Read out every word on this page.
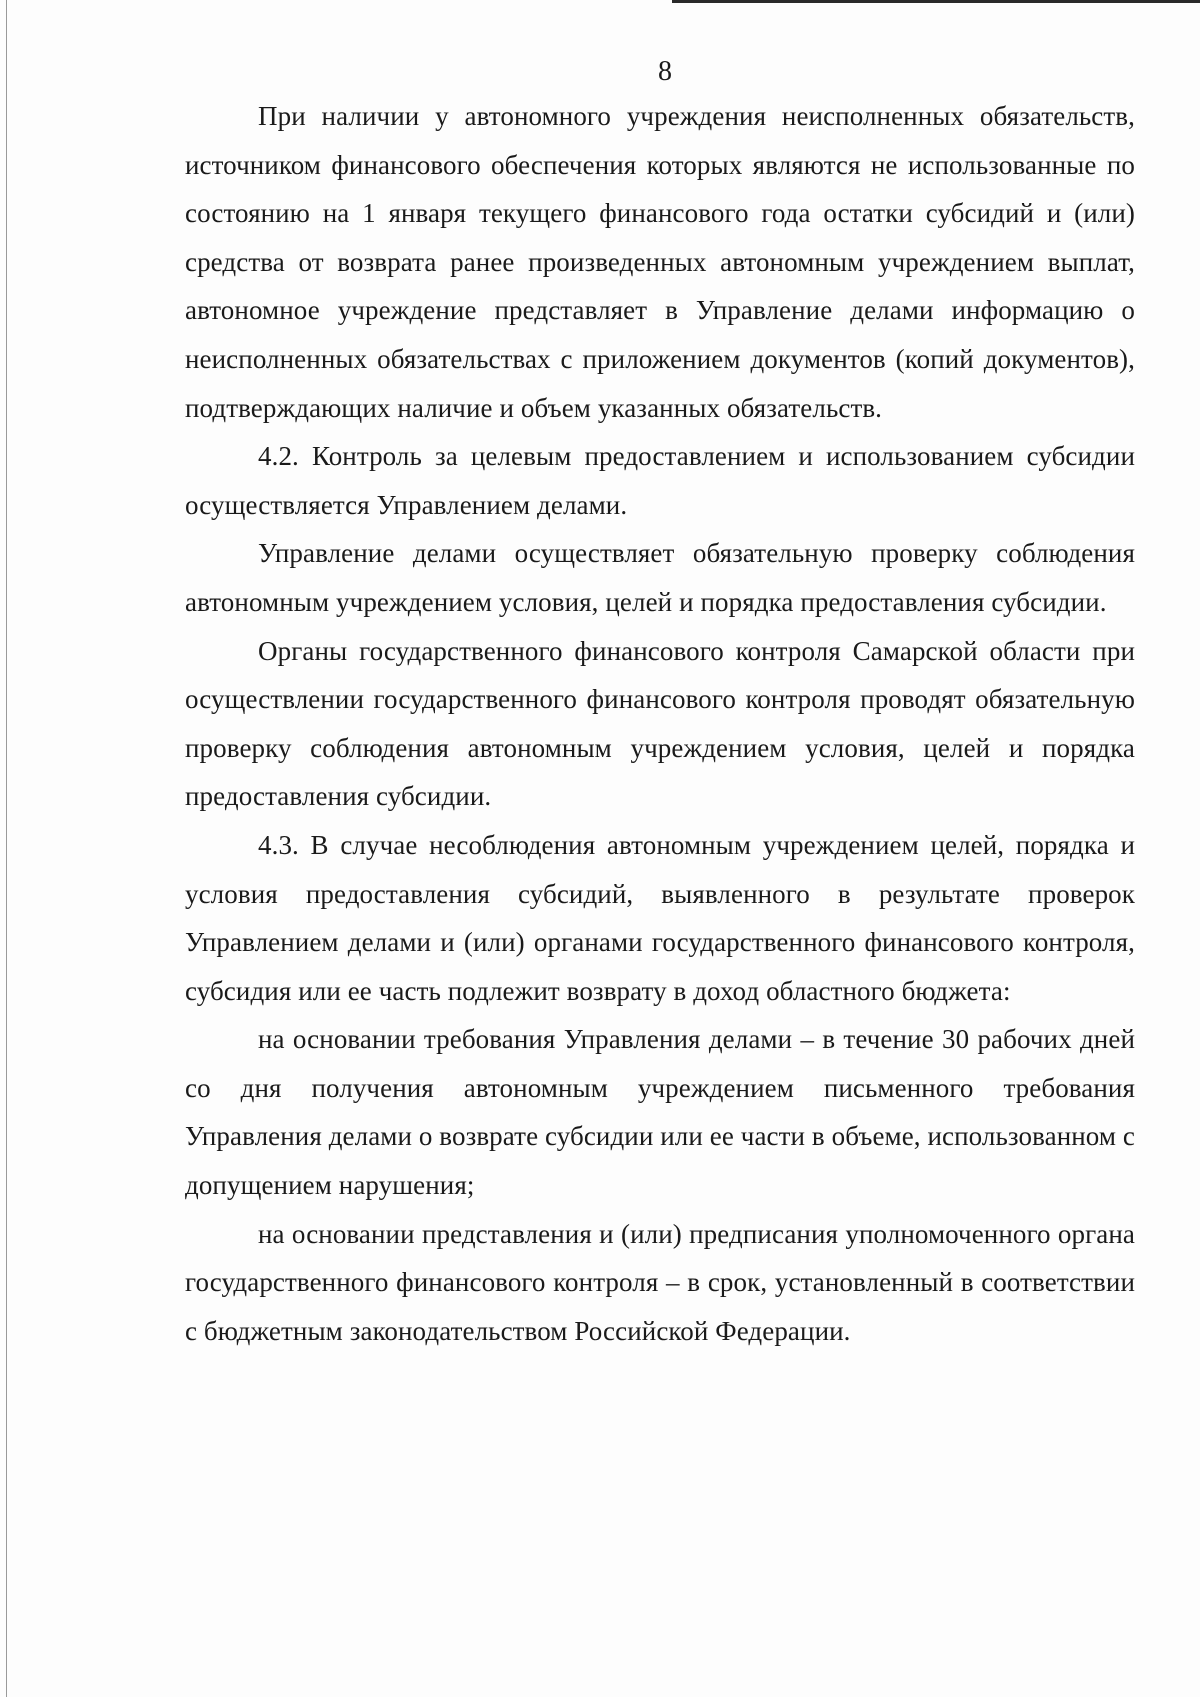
8

При наличии у автономного учреждения неисполненных обязательств, источником финансового обеспечения которых являются не использованные по состоянию на 1 января текущего финансового года остатки субсидий и (или) средства от возврата ранее произведенных автономным учреждением выплат, автономное учреждение представляет в Управление делами информацию о неисполненных обязательствах с приложением документов (копий документов), подтверждающих наличие и объем указанных обязательств.

4.2. Контроль за целевым предоставлением и использованием субсидии осуществляется Управлением делами.

Управление делами осуществляет обязательную проверку соблюдения автономным учреждением условия, целей и порядка предоставления субсидии.

Органы государственного финансового контроля Самарской области при осуществлении государственного финансового контроля проводят обязательную проверку соблюдения автономным учреждением условия, целей и порядка предоставления субсидии.

4.3. В случае несоблюдения автономным учреждением целей, порядка и условия предоставления субсидий, выявленного в результате проверок Управлением делами и (или) органами государственного финансового контроля, субсидия или ее часть подлежит возврату в доход областного бюджета:

на основании требования Управления делами – в течение 30 рабочих дней со дня получения автономным учреждением письменного требования Управления делами о возврате субсидии или ее части в объеме, использованном с допущением нарушения;

на основании представления и (или) предписания уполномоченного органа государственного финансового контроля – в срок, установленный в соответствии с бюджетным законодательством Российской Федерации.
